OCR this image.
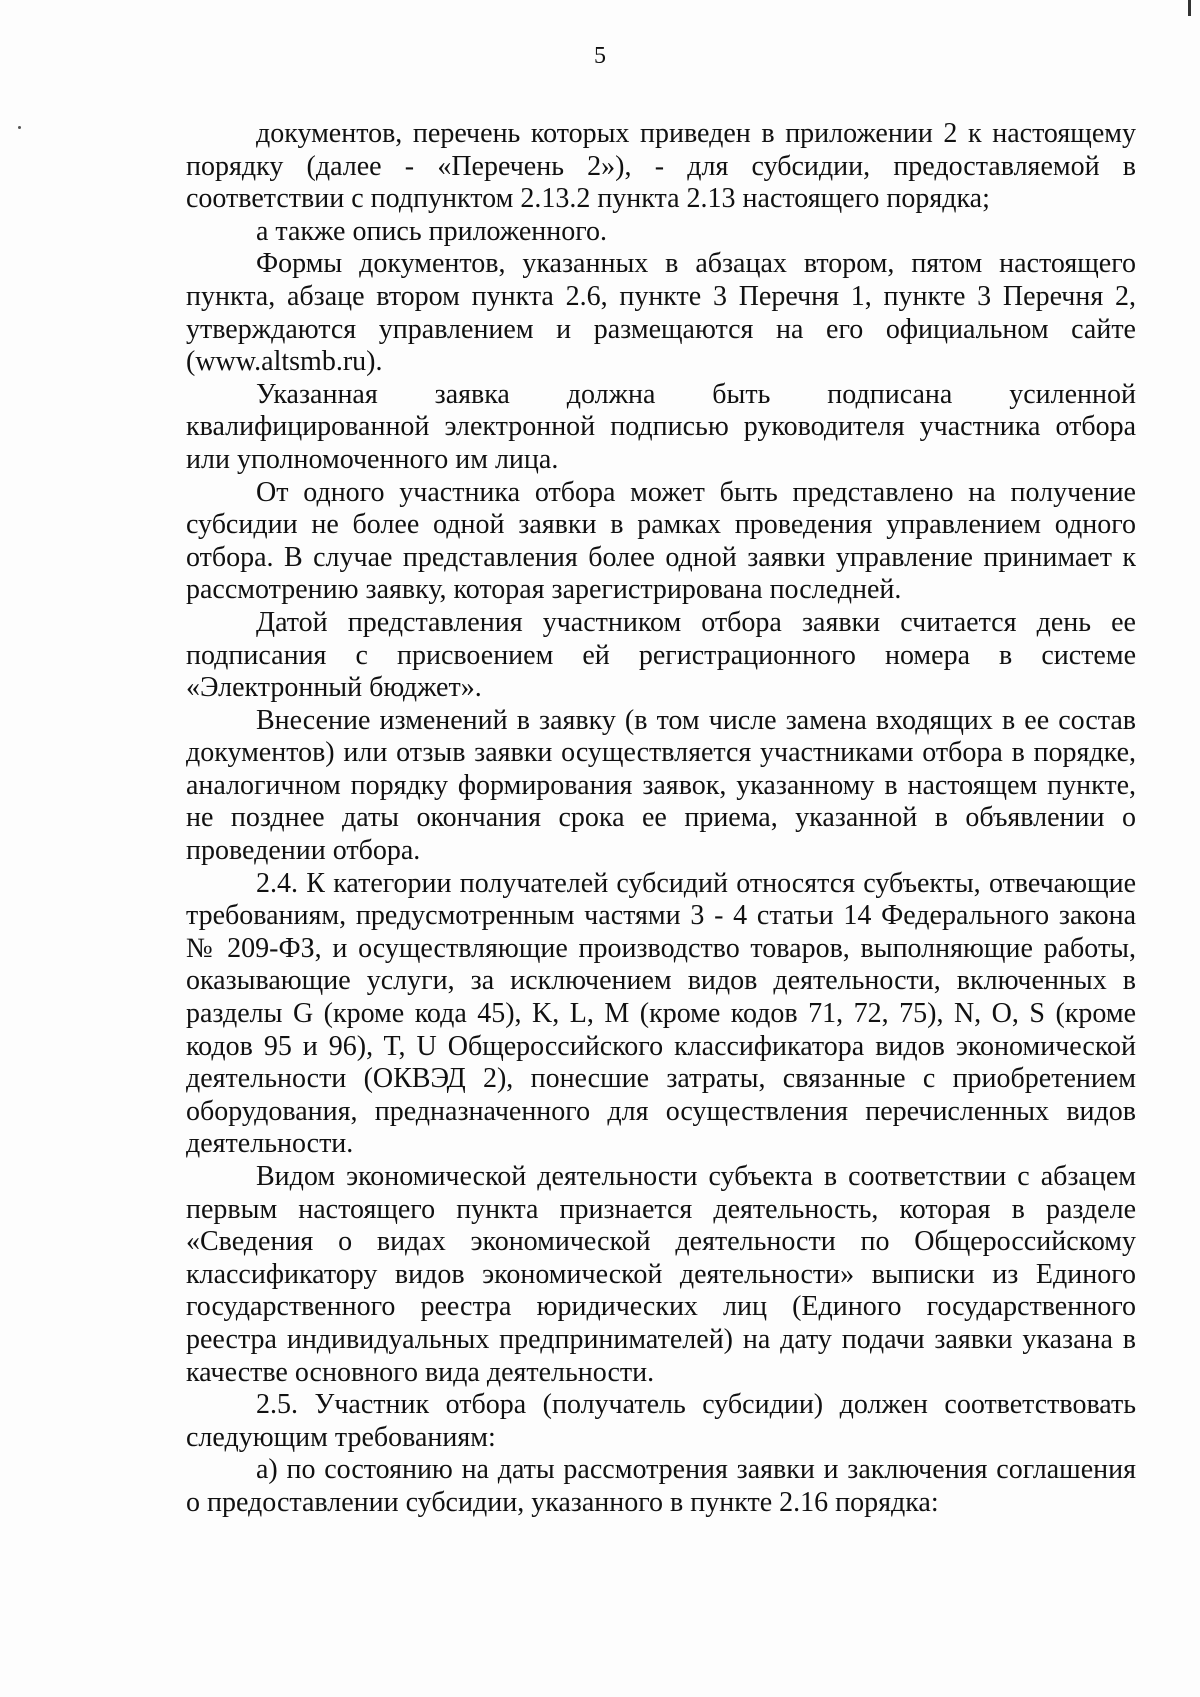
5

документов, перечень которых приведен в приложении 2 к настоящему порядку (далее - «Перечень 2»), - для субсидии, предоставляемой в соответствии с подпунктом 2.13.2 пункта 2.13 настоящего порядка;

а также опись приложенного.

Формы документов, указанных в абзацах втором, пятом настоящего пункта, абзаце втором пункта 2.6, пункте 3 Перечня 1, пункте 3 Перечня 2, утверждаются управлением и размещаются на его официальном сайте (www.altsmb.ru).

Указанная заявка должна быть подписана усиленной квалифицированной электронной подписью руководителя участника отбора или уполномоченного им лица.

От одного участника отбора может быть представлено на получение субсидии не более одной заявки в рамках проведения управлением одного отбора. В случае представления более одной заявки управление принимает к рассмотрению заявку, которая зарегистрирована последней.

Датой представления участником отбора заявки считается день ее подписания с присвоением ей регистрационного номера в системе «Электронный бюджет».

Внесение изменений в заявку (в том числе замена входящих в ее состав документов) или отзыв заявки осуществляется участниками отбора в порядке, аналогичном порядку формирования заявок, указанному в настоящем пункте, не позднее даты окончания срока ее приема, указанной в объявлении о проведении отбора.

2.4. К категории получателей субсидий относятся субъекты, отвечающие требованиям, предусмотренным частями 3 - 4 статьи 14 Федерального закона № 209-ФЗ, и осуществляющие производство товаров, выполняющие работы, оказывающие услуги, за исключением видов деятельности, включенных в разделы G (кроме кода 45), K, L, M (кроме кодов 71, 72, 75), N, O, S (кроме кодов 95 и 96), T, U Общероссийского классификатора видов экономической деятельности (ОКВЭД 2), понесшие затраты, связанные с приобретением оборудования, предназначенного для осуществления перечисленных видов деятельности.

Видом экономической деятельности субъекта в соответствии с абзацем первым настоящего пункта признается деятельность, которая в разделе «Сведения о видах экономической деятельности по Общероссийскому классификатору видов экономической деятельности» выписки из Единого государственного реестра юридических лиц (Единого государственного реестра индивидуальных предпринимателей) на дату подачи заявки указана в качестве основного вида деятельности.

2.5. Участник отбора (получатель субсидии) должен соответствовать следующим требованиям:

а) по состоянию на даты рассмотрения заявки и заключения соглашения о предоставлении субсидии, указанного в пункте 2.16 порядка:
